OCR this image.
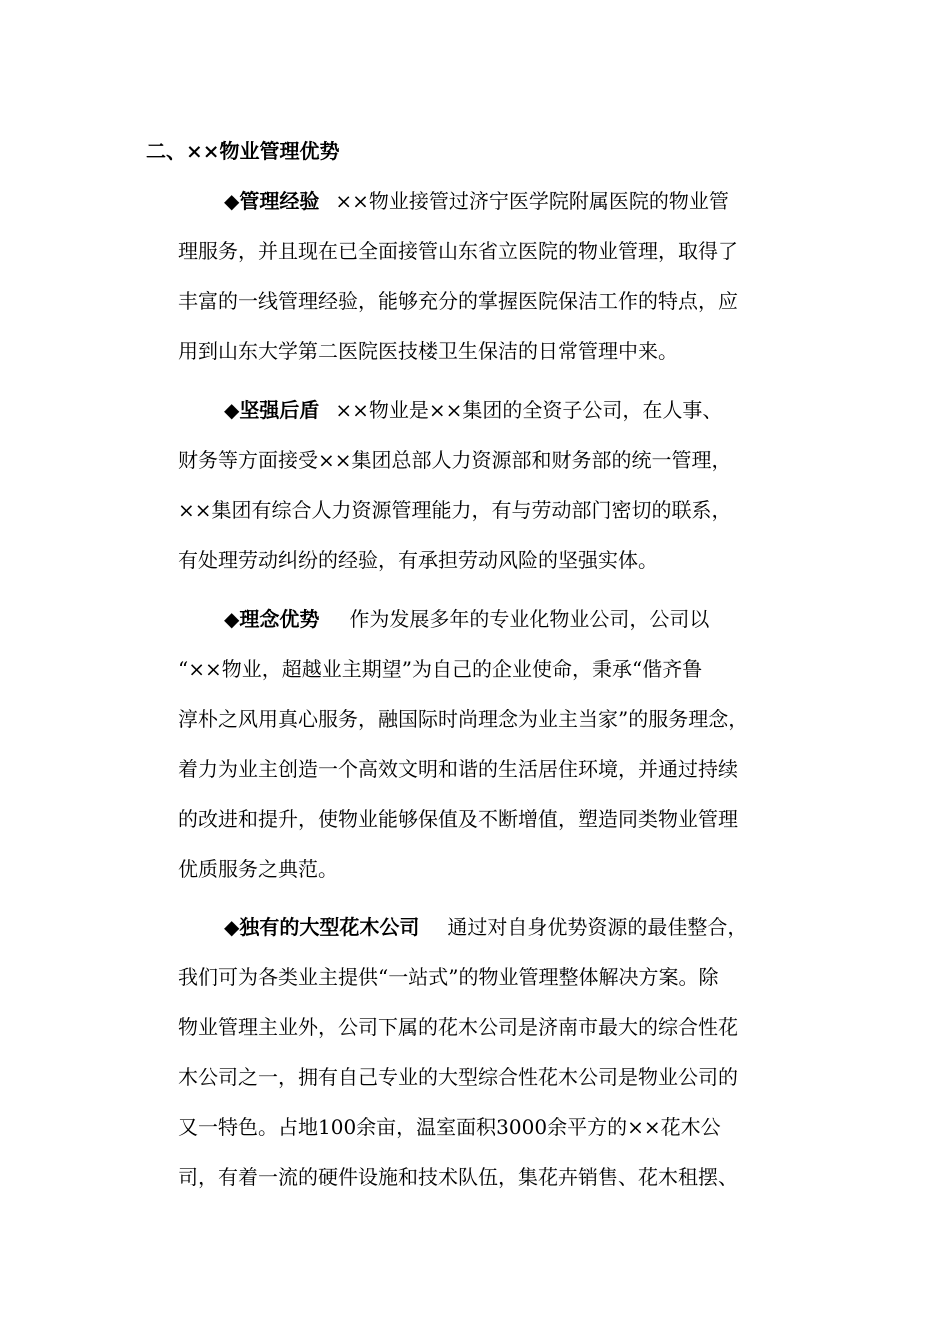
二、××物业管理优势
◆管理经验 ××物业接管过济宁医学院附属医院的物业管
理服务，并且现在已全面接管山东省立医院的物业管理，取得了
丰富的一线管理经验，能够充分的掌握医院保洁工作的特点，应
用到山东大学第二医院医技楼卫生保洁的日常管理中来。
◆坚强后盾 ××物业是××集团的全资子公司，在人事、
财务等方面接受××集团总部人力资源部和财务部的统一管理，
××集团有综合人力资源管理能力，有与劳动部门密切的联系，
有处理劳动纠纷的经验，有承担劳动风险的坚强实体。
◆理念优势 作为发展多年的专业化物业公司，公司以
“××物业，超越业主期望”为自己的企业使命，秉承“偕齐鲁
淳朴之风用真心服务，融国际时尚理念为业主当家”的服务理念，
着力为业主创造一个高效文明和谐的生活居住环境，并通过持续
的改进和提升，使物业能够保值及不断增值，塑造同类物业管理
优质服务之典范。
◆独有的大型花木公司 通过对自身优势资源的最佳整合，
我们可为各类业主提供“一站式”的物业管理整体解决方案。除
物业管理主业外，公司下属的花木公司是济南市最大的综合性花
木公司之一，拥有自己专业的大型综合性花木公司是物业公司的
又一特色。占地100余亩，温室面积3000余平方的××花木公
司，有着一流的硬件设施和技术队伍，集花卉销售、花木租摆、
